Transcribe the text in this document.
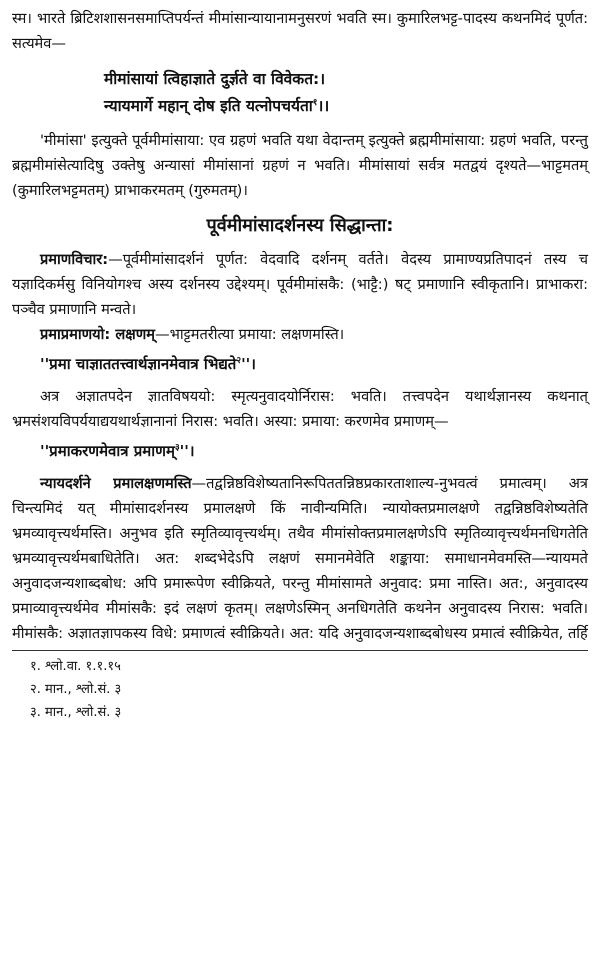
स्म। भारते ब्रिटिशशासनसमाप्तिपर्यन्तं मीमांसान्यायानामनुसरणं भवति स्म। कुमारिलभट्ट-पादस्य कथनमिदं पूर्णत: सत्यमेव—

मीमांसायां त्विहाज्ञाते दुर्ज्ञते वा विवेकत:।

न्यायमार्गे महान् दोष इति यत्नोपचर्यता$^१$।।

'मीमांसा' इत्युक्ते पूर्वमीमांसाया: एव ग्रहणं भवति यथा वेदान्तम् इत्युक्ते ब्रह्ममीमांसाया: ग्रहणं भवति, परन्तु ब्रह्ममीमांसेत्यादिषु उक्तेषु अन्यासां मीमांसानां ग्रहणं न भवति। मीमांसायां सर्वत्र मतद्वयं दृश्यते—भाट्टमतम् (कुमारिलभट्टमतम्) प्राभाकरमतम् (गुरुमतम्)।

पूर्वमीमांसादर्शनस्य सिद्धान्ता:

प्रमाणविचार:—पूर्वमीमांसादर्शनं पूर्णत: वेदवादि दर्शनम् वर्तते। वेदस्य प्रामाण्यप्रतिपादनं तस्य च यज्ञादिकर्मसु विनियोगश्च अस्य दर्शनस्य उद्देश्यम्। पूर्वमीमांसकै: (भाट्टै:) षट् प्रमाणानि स्वीकृतानि। प्राभाकरा: पञ्चैव प्रमाणानि मन्वते।

प्रमाप्रमाणयो: लक्षणम्—भाट्टमतरीत्या प्रमाया: लक्षणमस्ति।

''प्रमा चाज्ञाततत्त्वार्थज्ञानमेवात्र भिद्यते$^२$''।

अत्र अज्ञातपदेन ज्ञातविषययो: स्मृत्यनुवादयोर्निरास: भवति। तत्त्वपदेन यथार्थज्ञानस्य कथनात् भ्रमसंशयविपर्ययाद्ययथार्थज्ञानानां निरास: भवति। अस्या: प्रमाया: करणमेव प्रमाणम्—

''प्रमाकरणमेवात्र प्रमाणम्$^३$''।

न्यायदर्शने प्रमालक्षणमस्ति—तद्वन्निष्ठविशेष्यतानिरूपिततन्निष्ठप्रकारताशाल्य-नुभवत्वं प्रमात्वम्। अत्र चिन्त्यमिदं यत् मीमांसादर्शनस्य प्रमालक्षणे किं नावीन्यमिति। न्यायोक्तप्रमालक्षणे तद्वन्निष्ठविशेष्यतेति भ्रमव्यावृत्त्यर्थमस्ति। अनुभव इति स्मृतिव्यावृत्त्यर्थम्। तथैव मीमांसोक्तप्रमालक्षणेऽपि स्मृतिव्यावृत्त्यर्थमनधिगतेति भ्रमव्यावृत्त्यर्थमबाधितेति। अत: शब्दभेदेऽपि लक्षणं समानमेवेति शङ्काया: समाधानमेवमस्ति—न्यायमते अनुवादजन्यशाब्दबोध: अपि प्रमारूपेण स्वीक्रियते, परन्तु मीमांसामते अनुवाद: प्रमा नास्ति। अत:, अनुवादस्य प्रमाव्यावृत्त्यर्थमेव मीमांसकै: इदं लक्षणं कृतम्। लक्षणेऽस्मिन् अनधिगतेति कथनेन अनुवादस्य निरास: भवति। मीमांसकै: अज्ञातज्ञापकस्य विधे: प्रमाणत्वं स्वीक्रियते। अत: यदि अनुवादजन्यशाब्दबोधस्य प्रमात्वं स्वीक्रियेत, तर्हि

१. श्लो.वा. १.१.१५

२. मान., श्लो.सं. ३

३. मान., श्लो.सं. ३
